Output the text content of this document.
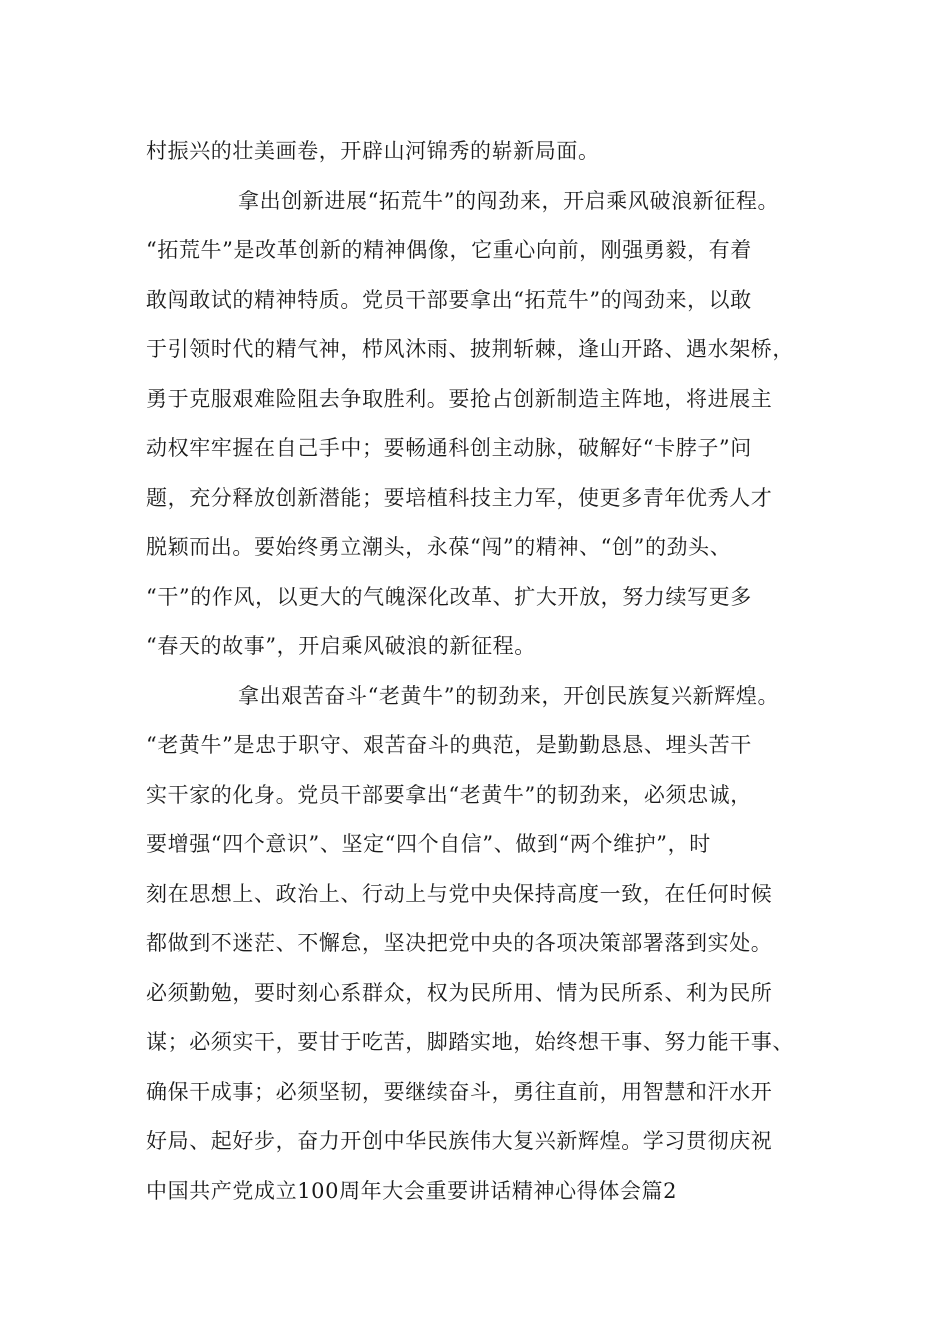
村振兴的壮美画卷，开辟山河锦秀的崭新局面。
拿出创新进展“拓荒牛”的闯劲来，开启乘风破浪新征程。
“拓荒牛”是改革创新的精神偶像，它重心向前，刚强勇毅，有着
敢闯敢试的精神特质。党员干部要拿出“拓荒牛”的闯劲来，以敢
于引领时代的精气神，栉风沐雨、披荆斩棘，逢山开路、遇水架桥，
勇于克服艰难险阻去争取胜利。要抢占创新制造主阵地，将进展主
动权牢牢握在自己手中；要畅通科创主动脉，破解好“卡脖子”问
题，充分释放创新潜能；要培植科技主力军，使更多青年优秀人才
脱颖而出。要始终勇立潮头，永葆“闯”的精神、“创”的劲头、
“干”的作风，以更大的气魄深化改革、扩大开放，努力续写更多
“春天的故事”，开启乘风破浪的新征程。
拿出艰苦奋斗“老黄牛”的韧劲来，开创民族复兴新辉煌。
“老黄牛”是忠于职守、艰苦奋斗的典范，是勤勤恳恳、埋头苦干
实干家的化身。党员干部要拿出“老黄牛”的韧劲来，必须忠诚，
要增强“四个意识”、坚定“四个自信”、做到“两个维护”，时
刻在思想上、政治上、行动上与党中央保持高度一致，在任何时候
都做到不迷茫、不懈怠，坚决把党中央的各项决策部署落到实处。
必须勤勉，要时刻心系群众，权为民所用、情为民所系、利为民所
谋；必须实干，要甘于吃苦，脚踏实地，始终想干事、努力能干事、
确保干成事；必须坚韧，要继续奋斗，勇往直前，用智慧和汗水开
好局、起好步，奋力开创中华民族伟大复兴新辉煌。学习贯彻庆祝
中国共产党成立100周年大会重要讲话精神心得体会篇2
